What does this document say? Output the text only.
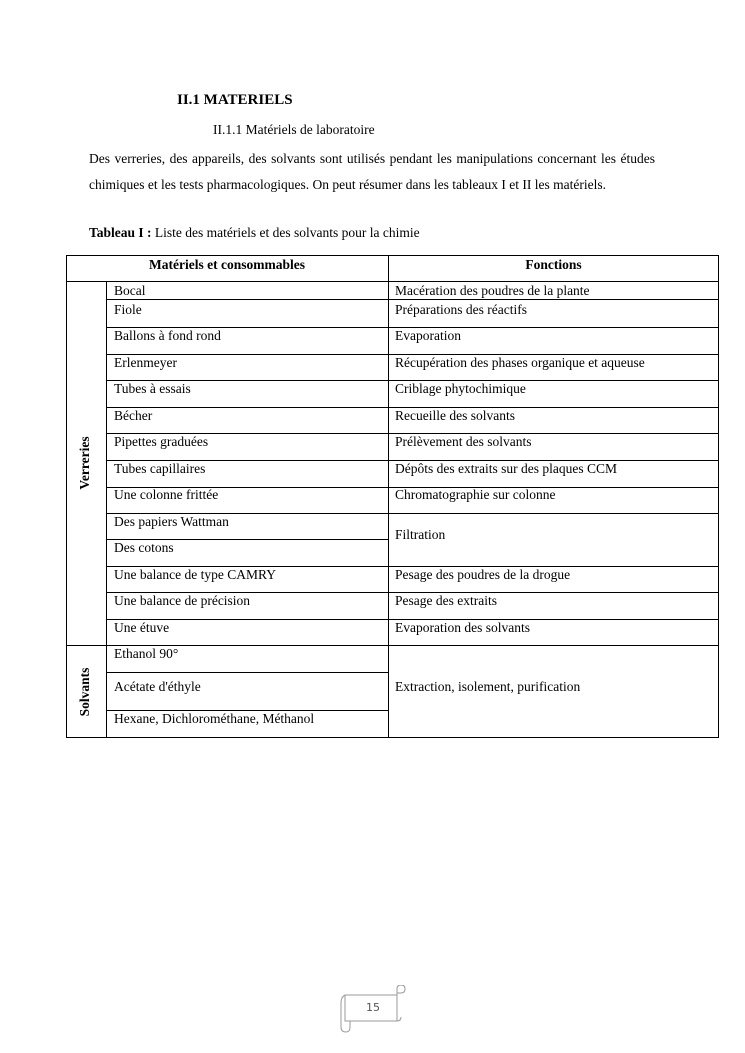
II.1 MATERIELS
II.1.1 Matériels de laboratoire
Des verreries, des appareils, des solvants sont utilisés pendant les manipulations concernant les études chimiques et les tests pharmacologiques. On peut résumer dans les tableaux I et II les matériels.
Tableau I : Liste des matériels et des solvants pour la chimie
Matériels et consommables	Fonctions
Verreries
Solvants
Bocal
Fiole
Ballons à fond rond
Erlenmeyer
Tubes à essais
Bécher
Pipettes graduées
Tubes capillaires
Une colonne frittée
Des papiers Wattman
Des cotons
Une balance de type CAMRY
Une balance de précision
Une étuve
Ethanol 90°
Acétate d'éthyle
Hexane, Dichlorométhane, Méthanol
Macération des poudres de la plante
Préparations des réactifs
Evaporation
Récupération des phases organique et aqueuse
Criblage phytochimique
Recueille des solvants
Prélèvement des solvants
Dépôts des extraits sur des plaques CCM
Chromatographie sur colonne
Filtration
Pesage des poudres de la drogue
Pesage des extraits
Evaporation des solvants
Extraction, isolement, purification
15
